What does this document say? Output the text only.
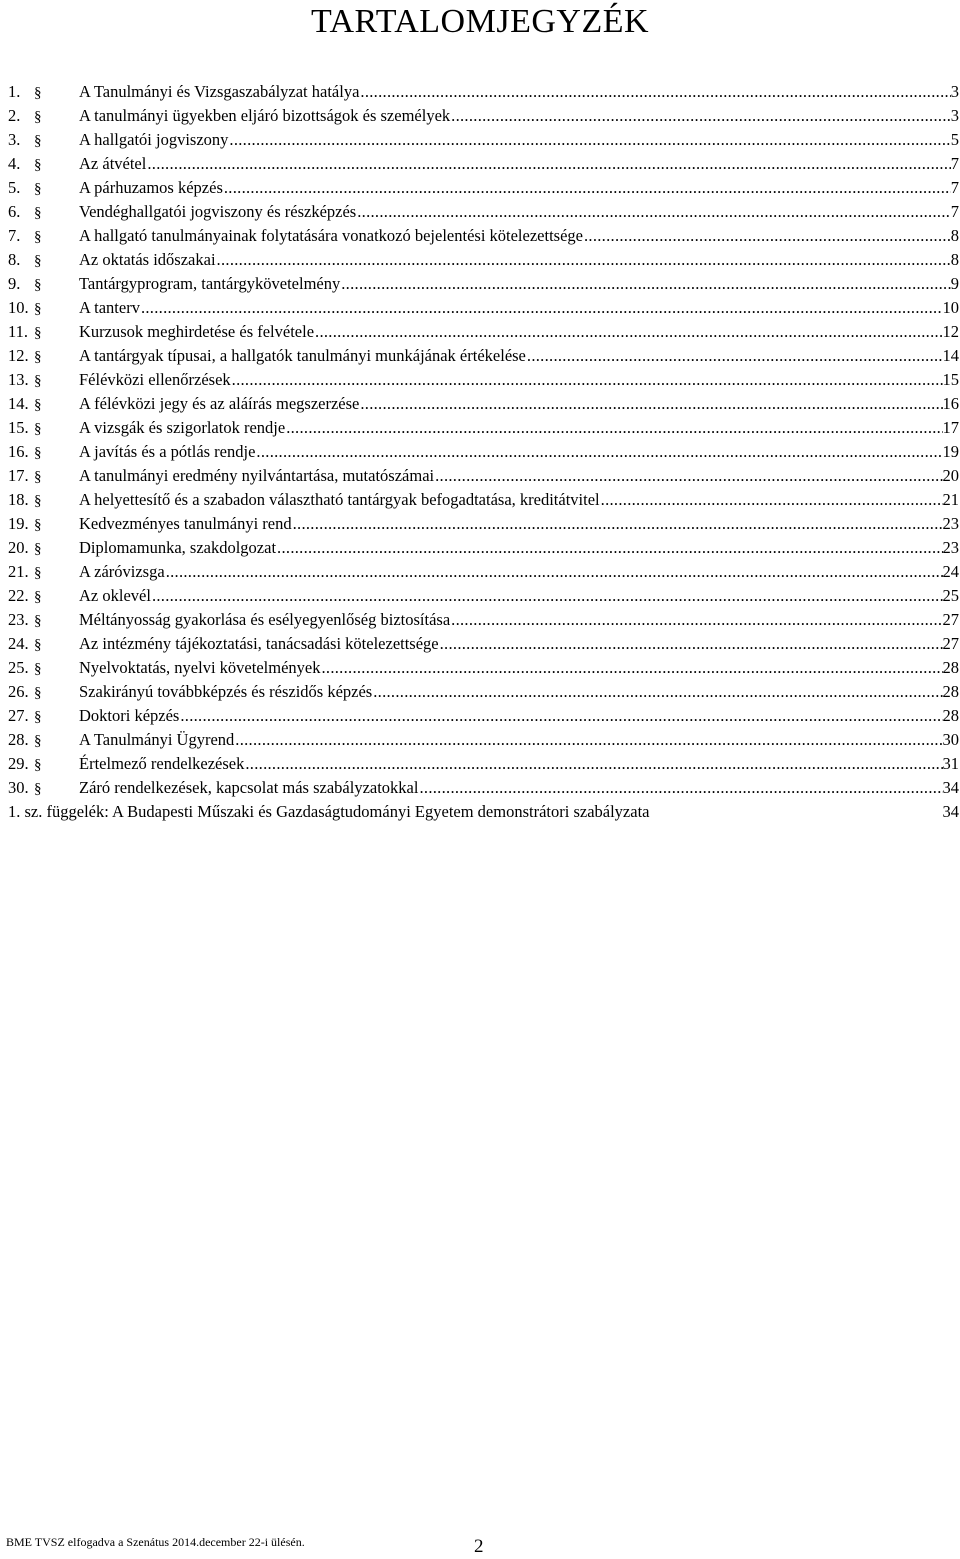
TARTALOMJEGYZÉK
1. §	A Tanulmányi és Vizsgaszabályzat hatálya .....	3
2. §	A tanulmányi ügyekben eljáró bizottságok és személyek .....	3
3. §	A hallgatói jogviszony .....	5
4. §	Az átvétel .....	7
5. §	A párhuzamos képzés .....	7
6. §	Vendéghallgatói jogviszony és részképzés .....	7
7. §	A hallgató tanulmányainak folytatására vonatkozó bejelentési kötelezettsége .....	8
8. §	Az oktatás időszakai .....	8
9. §	Tantárgyprogram, tantárgykövetelmény .....	9
10. §	A tanterv .....	10
11. §	Kurzusok meghirdetése és felvétele .....	12
12. §	A tantárgyak típusai, a hallgatók tanulmányi munkájának értékelése .....	14
13. §	Félévközi ellenőrzések .....	15
14. §	A félévközi jegy és az aláírás megszerzése .....	16
15. §	A vizsgák és szigorlatok rendje .....	17
16. §	A javítás és a pótlás rendje .....	19
17. §	A tanulmányi eredmény nyilvántartása, mutatószámai .....	20
18. §	A helyettesítő és a szabadon választható tantárgyak befogadtatása, kreditátvitel .....	21
19. §	Kedvezményes tanulmányi rend .....	23
20. §	Diplomamunka, szakdolgozat .....	23
21. §	A záróvizsga .....	24
22. §	Az oklevél .....	25
23. §	Méltányosság gyakorlása és esélyegyenlőség biztosítása .....	27
24. §	Az intézmény tájékoztatási, tanácsadási kötelezettsége .....	27
25. §	Nyelvoktatás, nyelvi követelmények .....	28
26. §	Szakirányú továbbképzés és részidős képzés .....	28
27. §	Doktori képzés .....	28
28. §	A Tanulmányi Ügyrend .....	30
29. §	Értelmező rendelkezések .....	31
30. §	Záró rendelkezések, kapcsolat más szabályzatokkal .....	34
1. sz. függelék: A Budapesti Műszaki és Gazdaságtudományi Egyetem demonstrátori szabályzata	34
BME TVSZ elfogadva a Szenátus 2014.december 22-i ülésén.	2
